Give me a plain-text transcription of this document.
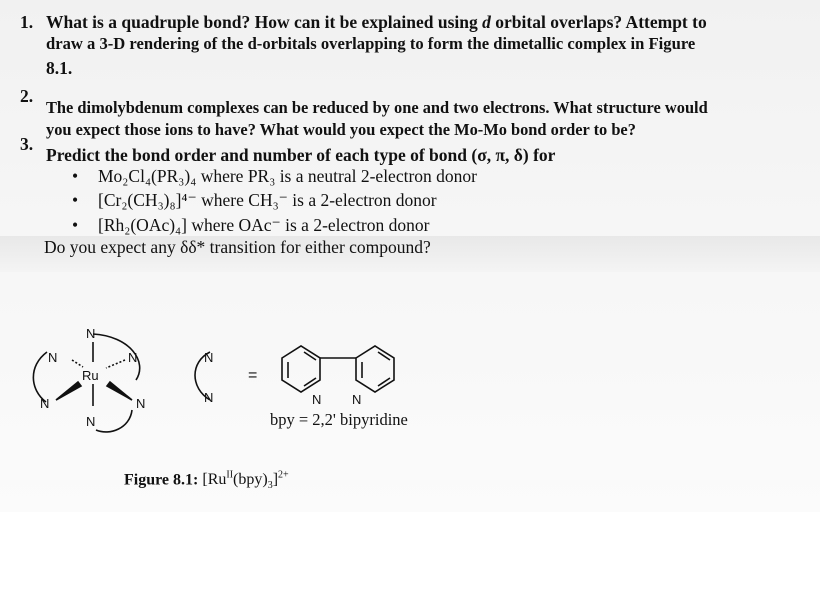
1. What is a quadruple bond? How can it be explained using d orbital overlaps? Attempt to
draw a 3-D rendering of the d-orbitals overlapping to form the dimetallic complex in Figure
8.1.
2.
The dimolybdenum complexes can be reduced by one and two electrons. What structure would
you expect those ions to have? What would you expect the Mo-Mo bond order to be?
3.
Predict the bond order and number of each type of bond (σ, π, δ) for
• Mo₂Cl₄(PR₃)₄ where PR₃ is a neutral 2-electron donor
• [Cr₂(CH₃)₈]⁴⁻ where CH₃⁻ is a 2-electron donor
• [Rh₂(OAc)₄] where OAc⁻ is a 2-electron donor
Do you expect any δδ* transition for either compound?
N
N	N
Ru
N	N
N
N
N
=
N N
bpy = 2,2' bipyridine
Figure 8.1: $[Ru^{II}(bpy)_3]^{2+}$
